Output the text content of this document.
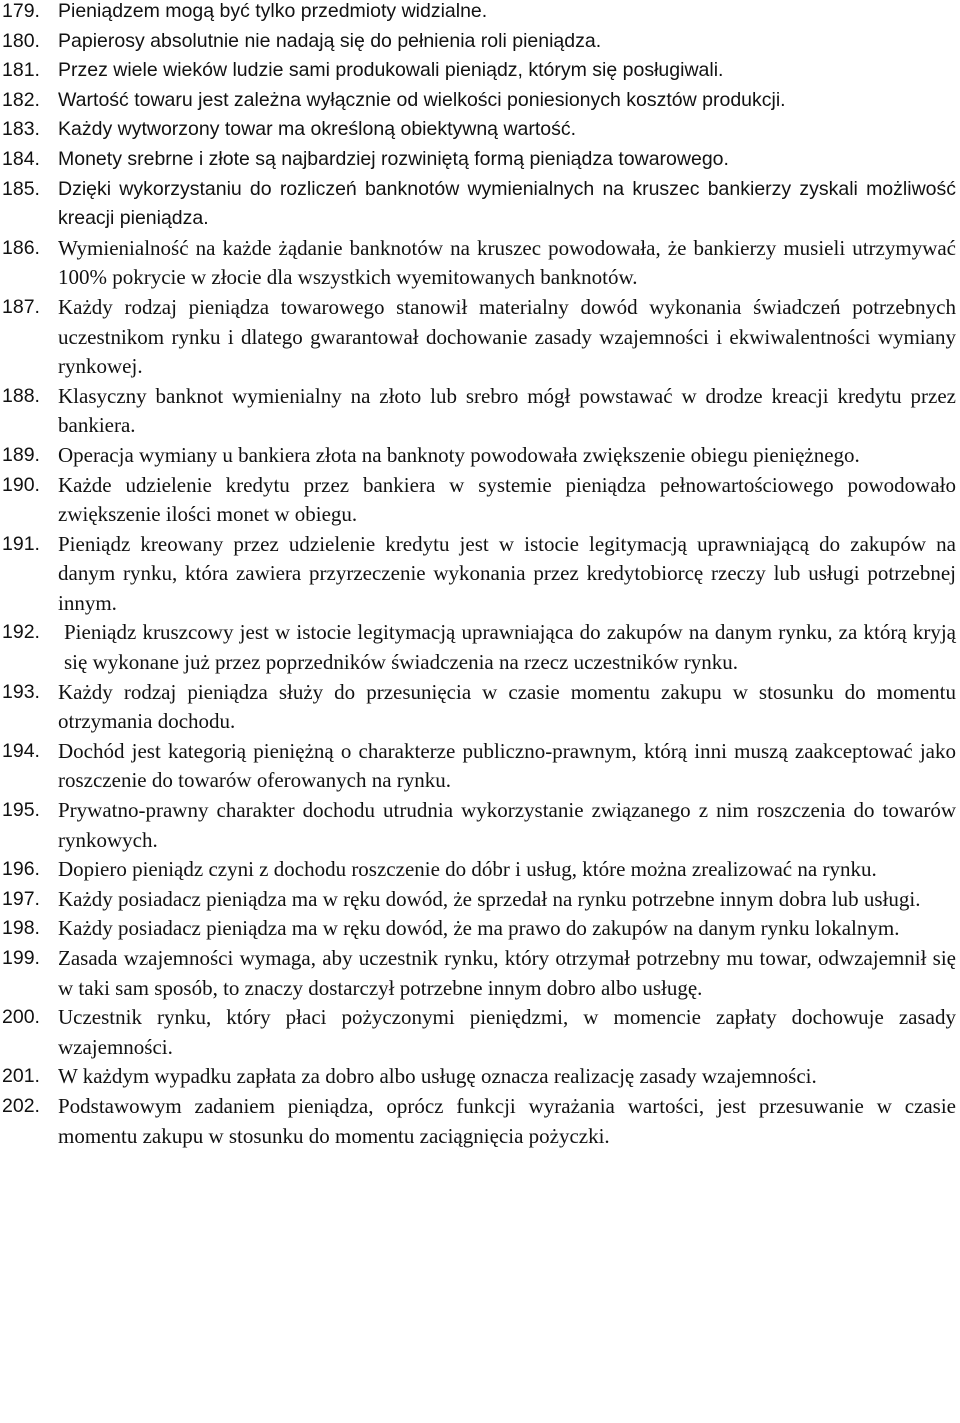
179. Pieniądzem mogą być tylko przedmioty widzialne.
180. Papierosy absolutnie nie nadają się do pełnienia roli pieniądza.
181. Przez wiele wieków ludzie sami produkowali pieniądz, którym się posługiwali.
182. Wartość towaru jest zależna wyłącznie od wielkości poniesionych kosztów produkcji.
183. Każdy wytworzony towar ma określoną obiektywną wartość.
184. Monety srebrne i złote są najbardziej rozwiniętą formą pieniądza towarowego.
185. Dzięki wykorzystaniu do rozliczeń banknotów wymienialnych na kruszec bankierzy zyskali możliwość kreacji pieniądza.
186. Wymienialność na każde żądanie banknotów na kruszec powodowała, że bankierzy musieli utrzymywać 100% pokrycie w złocie dla wszystkich wyemitowanych banknotów.
187. Każdy rodzaj pieniądza towarowego stanowił materialny dowód wykonania świadczeń potrzebnych uczestnikom rynku i dlatego gwarantował dochowanie zasady wzajemności i ekwiwalentności wymiany rynkowej.
188. Klasyczny banknot wymienialny na złoto lub srebro mógł powstawać w drodze kreacji kredytu przez bankiera.
189. Operacja wymiany u bankiera złota na banknoty powodowała zwiększenie obiegu pieniężnego.
190. Każde udzielenie kredytu przez bankiera w systemie pieniądza pełnowartościowego powodowało zwiększenie ilości monet w obiegu.
191. Pieniądz kreowany przez udzielenie kredytu jest w istocie legitymacją uprawniającą do zakupów na danym rynku, która zawiera przyrzeczenie wykonania przez kredytobiorcę rzeczy lub usługi potrzebnej innym.
192.	Pieniądz kruszcowy jest w istocie legitymacją uprawniająca do zakupów na danym rynku, za którą kryją się wykonane już przez poprzedników świadczenia na rzecz uczestników rynku.
193. Każdy rodzaj pieniądza służy do przesunięcia w czasie momentu zakupu w stosunku do momentu otrzymania dochodu.
194. Dochód jest kategorią pieniężną o charakterze publiczno-prawnym, którą inni muszą zaakceptować jako roszczenie do towarów oferowanych na rynku.
195. Prywatno-prawny charakter dochodu utrudnia wykorzystanie związanego z nim roszczenia do towarów rynkowych.
196. Dopiero pieniądz czyni z dochodu roszczenie do dóbr i usług, które można zrealizować na rynku.
197. Każdy posiadacz pieniądza ma w ręku dowód, że sprzedał na rynku potrzebne innym dobra lub usługi.
198. Każdy posiadacz pieniądza ma w ręku dowód, że ma prawo do zakupów na danym rynku lokalnym.
199. Zasada wzajemności wymaga, aby uczestnik rynku, który otrzymał potrzebny mu towar, odwzajemnił się w taki sam sposób, to znaczy dostarczył potrzebne innym dobro albo usługę.
200. Uczestnik rynku, który płaci pożyczonymi pieniędzmi, w momencie zapłaty dochowuje zasady wzajemności.
201. W każdym wypadku zapłata za dobro albo usługę oznacza realizację zasady wzajemności.
202. Podstawowym zadaniem pieniądza, oprócz funkcji wyrażania wartości, jest przesuwanie w czasie momentu zakupu w stosunku do momentu zaciągnięcia pożyczki.
